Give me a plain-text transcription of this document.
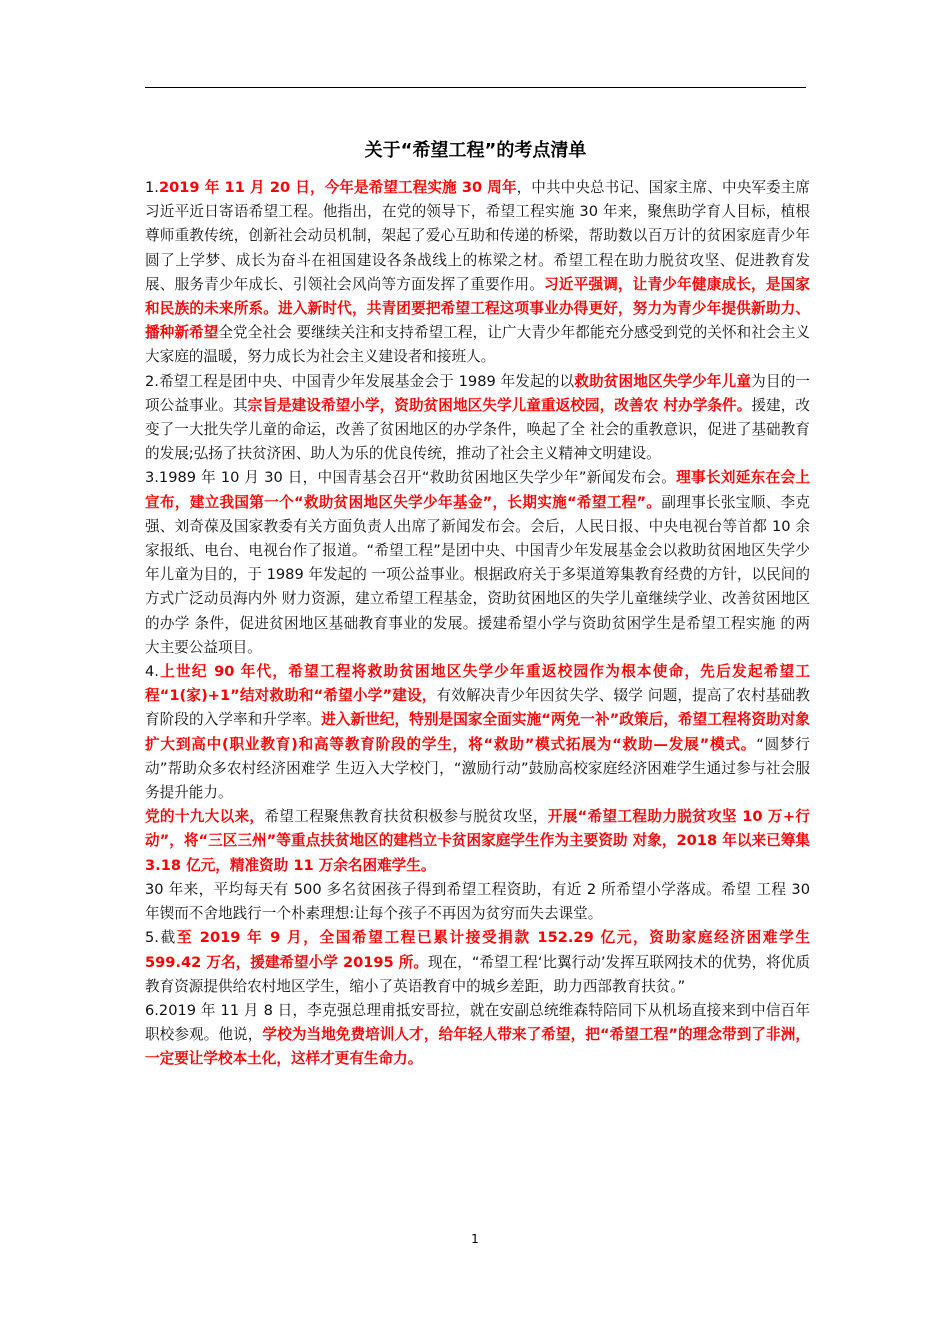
关于“希望工程”的考点清单

1.2019 年 11 月 20 日，今年是希望工程实施 30 周年，中共中央总书记、国家主席、中央军委主席习近平近日寄语希望工程。他指出，在党的领导下，希望工程实施 30 年来，聚焦助学育人目标，植根尊师重教传统，创新社会动员机制，架起了爱心互助和传递的桥梁，帮助数以百万计的贫困家庭青少年圆了上学梦、成长为奋斗在祖国建设各条战线上的栋梁之材。希望工程在助力脱贫攻坚、促进教育发展、服务青少年成长、引领社会风尚等方面发挥了重要作用。习近平强调，让青少年健康成长，是国家和民族的未来所系。进入新时代，共青团要把希望工程这项事业办得更好，努力为青少年提供新助力、播种新希望全党全社会 要继续关注和支持希望工程，让广大青少年都能充分感受到党的关怀和社会主义大家庭的温暖，努力成长为社会主义建设者和接班人。

2.希望工程是团中央、中国青少年发展基金会于 1989 年发起的以救助贫困地区失学少年儿童为目的一项公益事业。其宗旨是建设希望小学，资助贫困地区失学儿童重返校园，改善农 村办学条件。援建，改变了一大批失学儿童的命运，改善了贫困地区的办学条件，唤起了全 社会的重教意识，促进了基础教育的发展;弘扬了扶贫济困、助人为乐的优良传统，推动了社会主义精神文明建设。

3.1989 年 10 月 30 日，中国青基会召开“救助贫困地区失学少年”新闻发布会。理事长刘延东在会上宣布，建立我国第一个“救助贫困地区失学少年基金”，长期实施“希望工程”。副理事长张宝顺、李克强、刘奇葆及国家教委有关方面负责人出席了新闻发布会。会后，人民日报、中央电视台等首都 10 余家报纸、电台、电视台作了报道。“希望工程”是团中央、中国青少年发展基金会以救助贫困地区失学少年儿童为目的，于 1989 年发起的 一项公益事业。根据政府关于多渠道筹集教育经费的方针，以民间的方式广泛动员海内外 财力资源，建立希望工程基金，资助贫困地区的失学儿童继续学业、改善贫困地区的办学 条件，促进贫困地区基础教育事业的发展。援建希望小学与资助贫困学生是希望工程实施 的两大主要公益项目。

4.上世纪 90 年代，希望工程将救助贫困地区失学少年重返校园作为根本使命，先后发起希望工程“1(家)+1”结对救助和“希望小学”建设，有效解决青少年因贫失学、辍学 问题，提高了农村基础教育阶段的入学率和升学率。进入新世纪，特别是国家全面实施“两免一补”政策后，希望工程将资助对象扩大到高中(职业教育)和高等教育阶段的学生，将“救助”模式拓展为“救助—发展”模式。“圆梦行动”帮助众多农村经济困难学 生迈入大学校门，“激励行动”鼓励高校家庭经济困难学生通过参与社会服务提升能力。

党的十九大以来，希望工程聚焦教育扶贫积极参与脱贫攻坚，开展“希望工程助力脱贫攻坚 10 万+行动”，将“三区三州”等重点扶贫地区的建档立卡贫困家庭学生作为主要资助 对象，2018 年以来已筹集 3.18 亿元，精准资助 11 万余名困难学生。

30 年来，平均每天有 500 多名贫困孩子得到希望工程资助，有近 2 所希望小学落成。希望 工程 30 年锲而不舍地践行一个朴素理想:让每个孩子不再因为贫穷而失去课堂。

5.截至 2019 年 9 月，全国希望工程已累计接受捐款 152.29 亿元，资助家庭经济困难学生 599.42 万名，援建希望小学 20195 所。现在，“希望工程‘比翼行动’发挥互联网技术的优势，将优质教育资源提供给农村地区学生，缩小了英语教育中的城乡差距，助力西部教育扶贫。”

6.2019 年 11 月 8 日，李克强总理甫抵安哥拉，就在安副总统维森特陪同下从机场直接来到中信百年职校参观。他说，学校为当地免费培训人才，给年轻人带来了希望，把“希望工程”的理念带到了非洲，一定要让学校本土化，这样才更有生命力。

1
